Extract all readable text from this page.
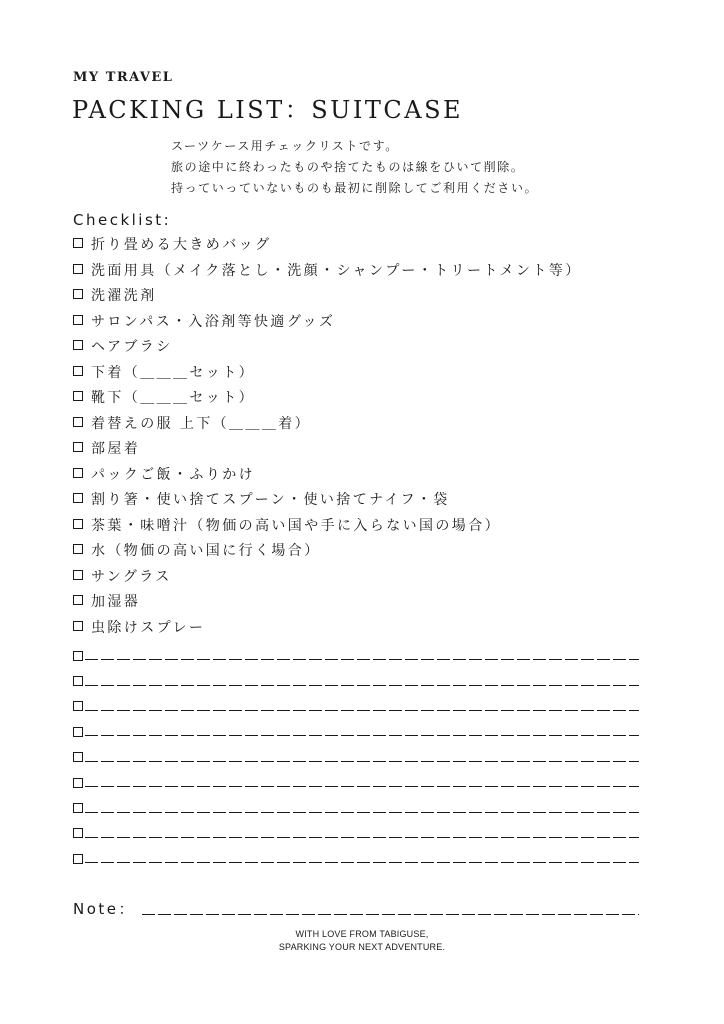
MY TRAVEL
PACKING LIST：SUITCASE
スーツケース用チェックリストです。
旅の途中に終わったものや捨てたものは線をひいて削除。
持っていっていないものも最初に削除してご利用ください。
Checklist:
折り畳める大きめバッグ
洗面用具（メイク落とし・洗顔・シャンプー・トリートメント等）
洗濯洗剤
サロンパス・入浴剤等快適グッズ
ヘアブラシ
下着（＿＿＿セット）
靴下（＿＿＿セット）
着替えの服 上下（＿＿＿着）
部屋着
パックご飯・ふりかけ
割り箸・使い捨てスプーン・使い捨てナイフ・袋
茶葉・味噌汁（物価の高い国や手に入らない国の場合）
水（物価の高い国に行く場合）
サングラス
加湿器
虫除けスプレー
Note：
WITH LOVE FROM TABIGUSE,
SPARKING YOUR NEXT ADVENTURE.
